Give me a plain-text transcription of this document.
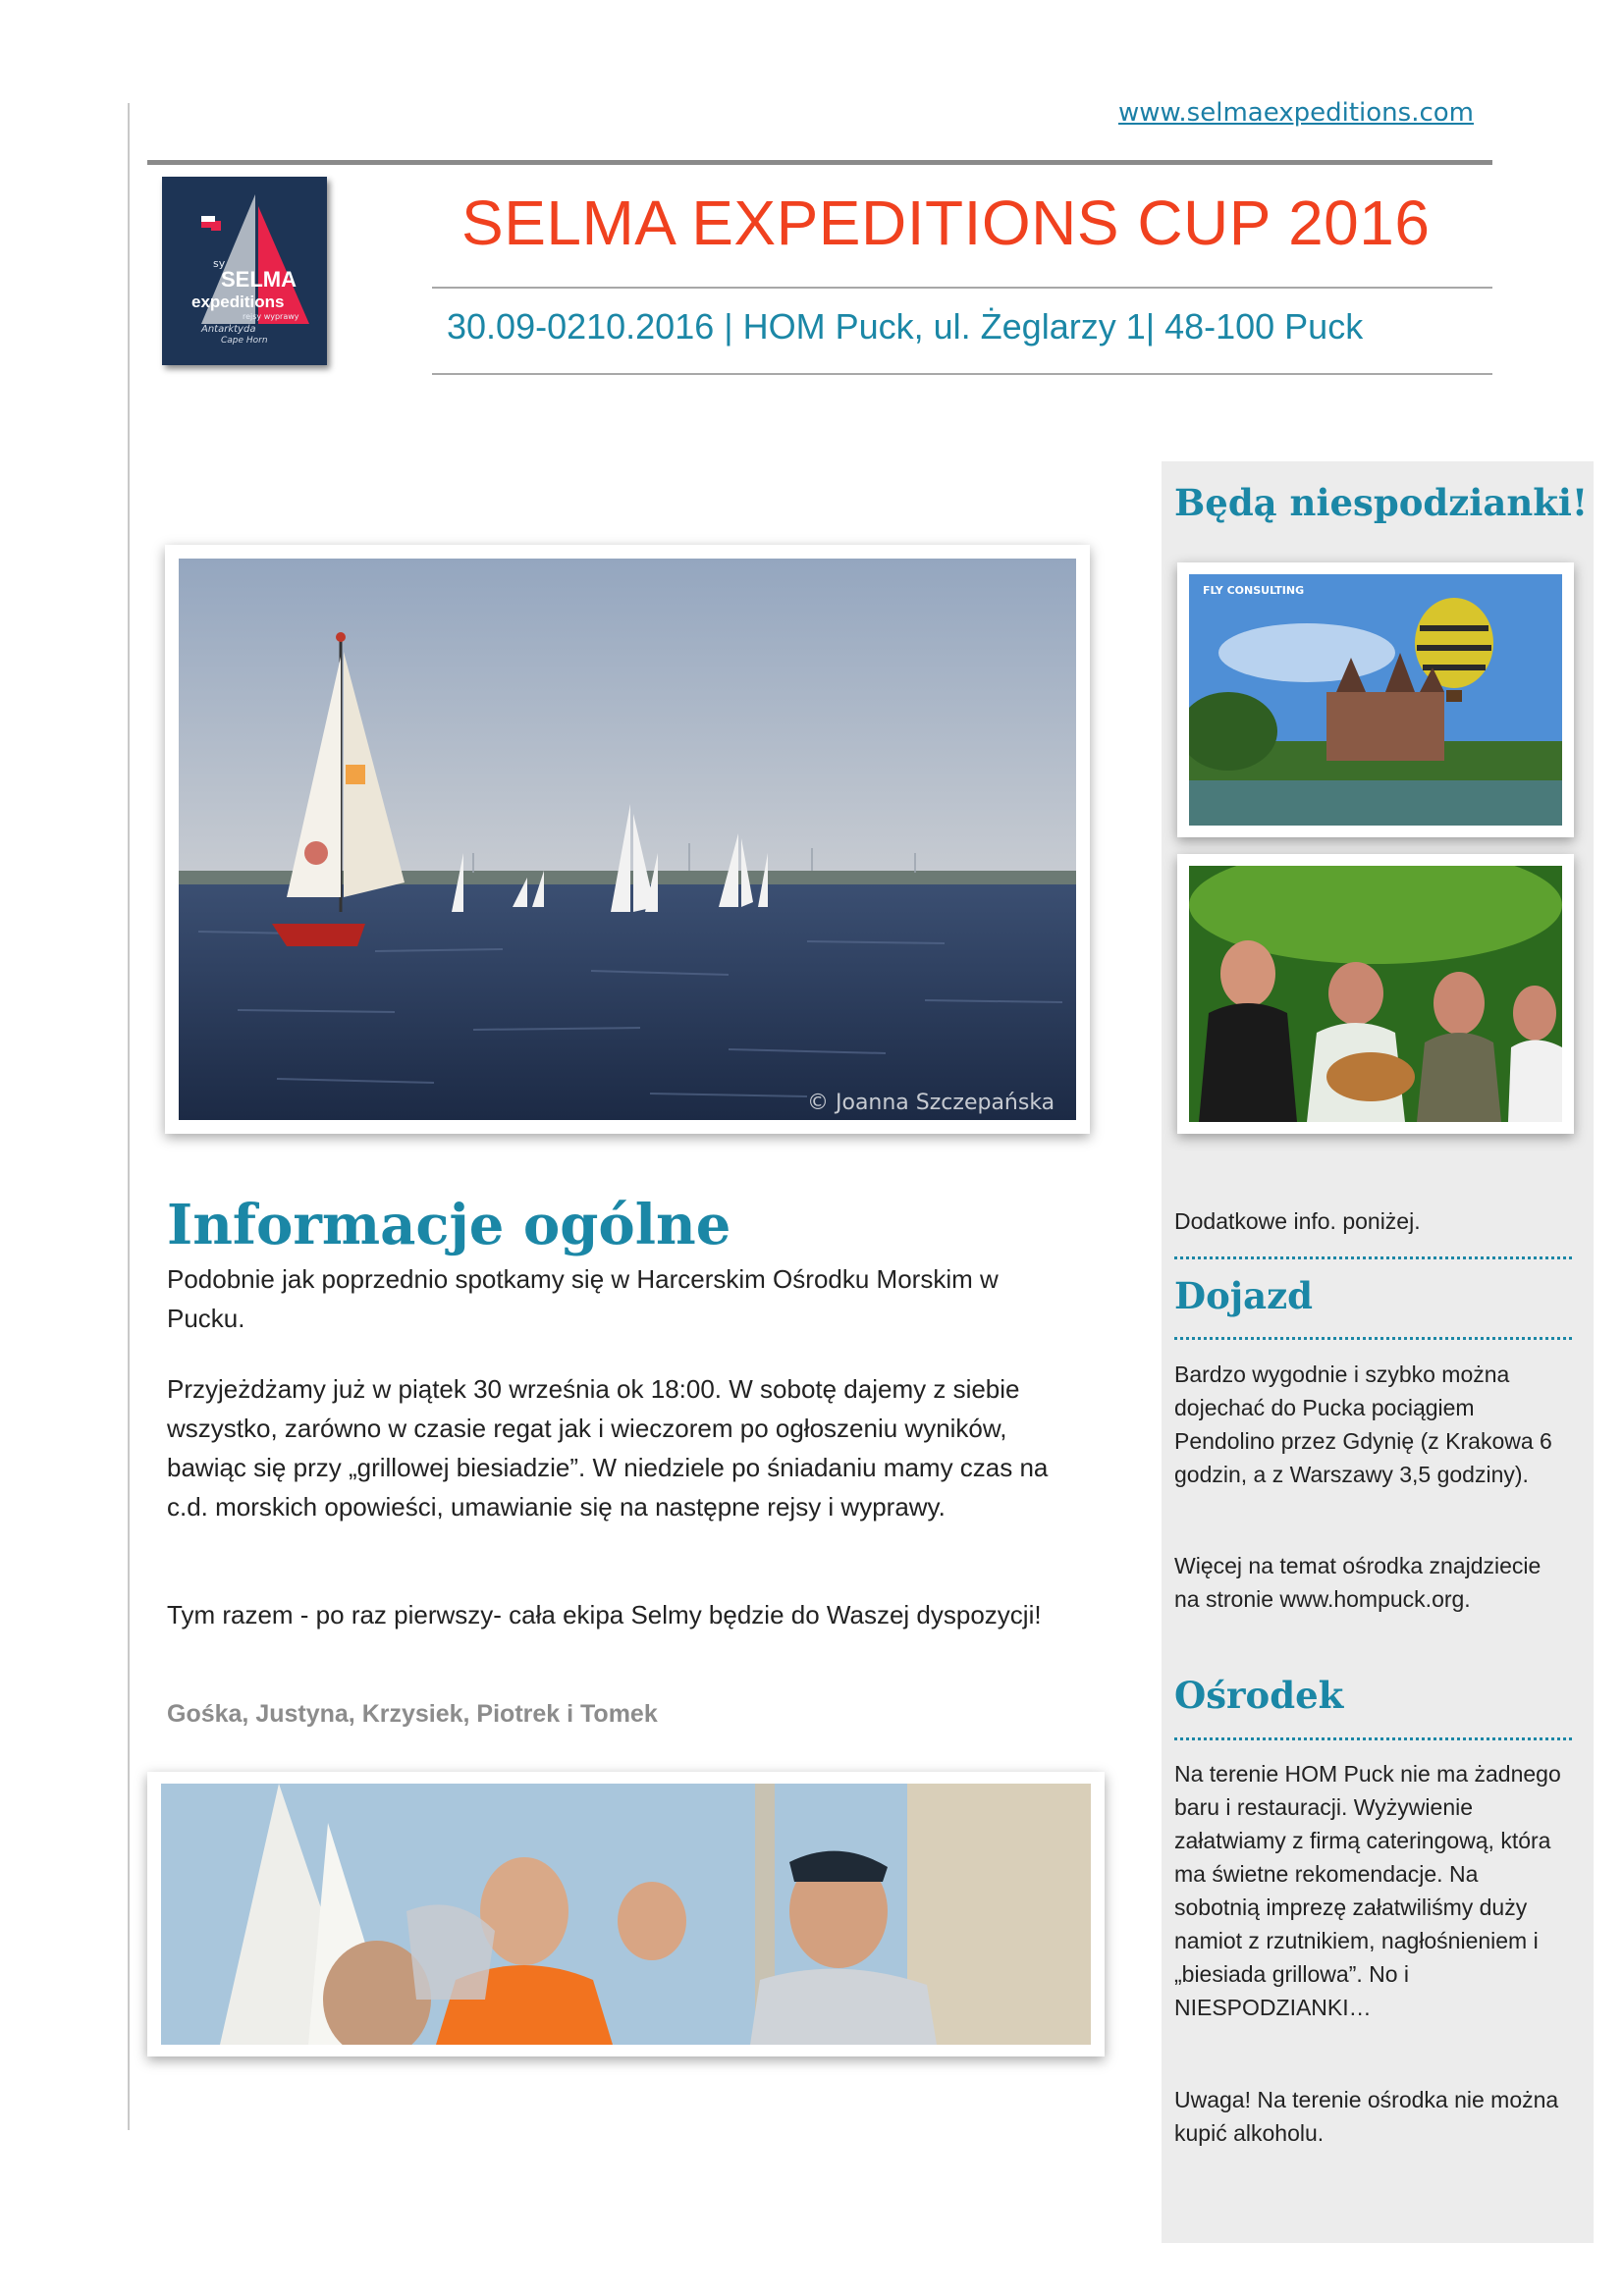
www.selmaexpeditions.com
sy
SELMA
expeditions
rejsy wyprawy
Antarktyda
Cape Horn
SELMA EXPEDITIONS CUP 2016
30.09-0210.2016 | HOM Puck, ul. Żeglarzy 1| 48-100 Puck
© Joanna Szczepańska
Informacje ogólne
Podobnie jak poprzednio spotkamy się w Harcerskim Ośrodku Morskim w Pucku.
Przyjeżdżamy już w piątek 30 września ok 18:00. W sobotę dajemy z siebie wszystko, zarówno w czasie regat jak i wieczorem po ogłoszeniu wyników, bawiąc się przy „grillowej biesiadzie”. W niedziele po śniadaniu mamy czas na c.d. morskich opowieści, umawianie się na następne rejsy i wyprawy.
Tym razem - po raz pierwszy- cała ekipa Selmy będzie do Waszej dyspozycji!
Gośka, Justyna, Krzysiek, Piotrek i Tomek
Będą niespodzianki!
FLY CONSULTING
Dodatkowe info. poniżej.
Dojazd
Bardzo wygodnie i szybko można dojechać do Pucka pociągiem Pendolino przez Gdynię (z Krakowa 6 godzin, a z Warszawy 3,5 godziny).
Więcej na temat ośrodka znajdziecie na stronie www.hompuck.org.
Ośrodek
Na terenie HOM Puck nie ma żadnego baru i restauracji. Wyżywienie załatwiamy z firmą cateringową, która ma świetne rekomendacje. Na sobotnią imprezę załatwiliśmy duży namiot z rzutnikiem, nagłośnieniem i „biesiada grillowa”. No i NIESPODZIANKI…
Uwaga! Na terenie ośrodka nie można kupić alkoholu.
